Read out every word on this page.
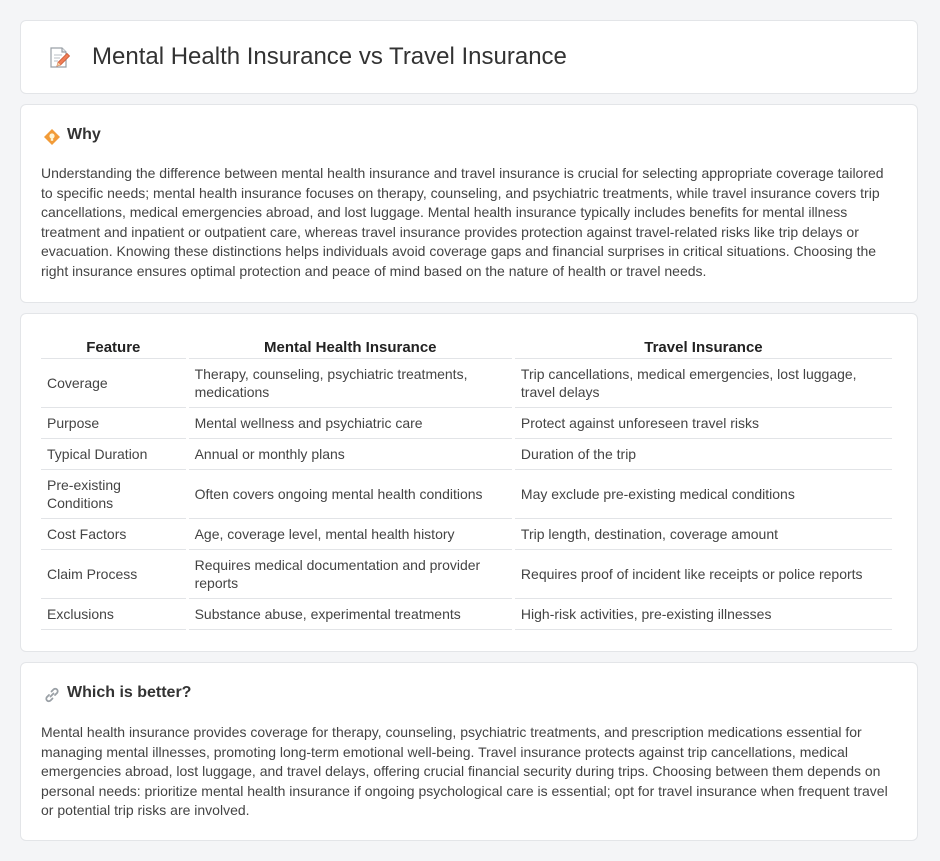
Mental Health Insurance vs Travel Insurance
Why

Understanding the difference between mental health insurance and travel insurance is crucial for selecting appropriate coverage tailored to specific needs; mental health insurance focuses on therapy, counseling, and psychiatric treatments, while travel insurance covers trip cancellations, medical emergencies abroad, and lost luggage. Mental health insurance typically includes benefits for mental illness treatment and inpatient or outpatient care, whereas travel insurance provides protection against travel-related risks like trip delays or evacuation. Knowing these distinctions helps individuals avoid coverage gaps and financial surprises in critical situations. Choosing the right insurance ensures optimal protection and peace of mind based on the nature of health or travel needs.

Feature	Mental Health Insurance	Travel Insurance
Coverage	Therapy, counseling, psychiatric treatments, medications	Trip cancellations, medical emergencies, lost luggage, travel delays
Purpose	Mental wellness and psychiatric care	Protect against unforeseen travel risks
Typical Duration	Annual or monthly plans	Duration of the trip
Pre-existing Conditions	Often covers ongoing mental health conditions	May exclude pre-existing medical conditions
Cost Factors	Age, coverage level, mental health history	Trip length, destination, coverage amount
Claim Process	Requires medical documentation and provider reports	Requires proof of incident like receipts or police reports
Exclusions	Substance abuse, experimental treatments	High-risk activities, pre-existing illnesses
Which is better?

Mental health insurance provides coverage for therapy, counseling, psychiatric treatments, and prescription medications essential for managing mental illnesses, promoting long-term emotional well-being. Travel insurance protects against trip cancellations, medical emergencies abroad, lost luggage, and travel delays, offering crucial financial security during trips. Choosing between them depends on personal needs: prioritize mental health insurance if ongoing psychological care is essential; opt for travel insurance when frequent travel or potential trip risks are involved.
